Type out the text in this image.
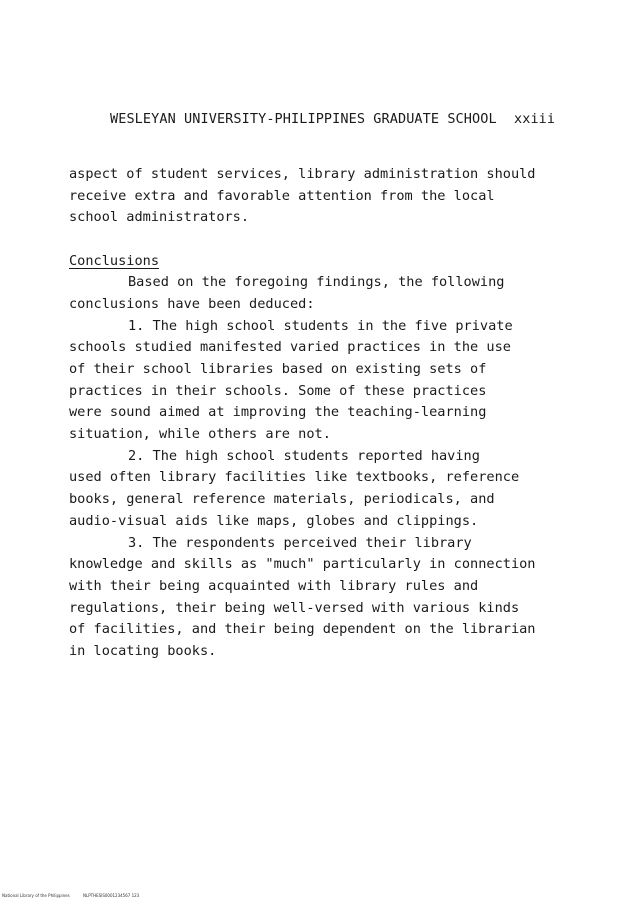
WESLEYAN UNIVERSITY-PHILIPPINES GRADUATE SCHOOL xxiii
aspect of student services, library administration should
receive extra and favorable attention from the local
school administrators.
Conclusions
Based on the foregoing findings, the following
conclusions have been deduced:
1. The high school students in the five private
schools studied manifested varied practices in the use
of their school libraries based on existing sets of
practices in their schools. Some of these practices
were sound aimed at improving the teaching-learning
situation, while others are not.
2. The high school students reported having
used often library facilities like textbooks, reference
books, general reference materials, periodicals, and
audio-visual aids like maps, globes and clippings.
3. The respondents perceived their library
knowledge and skills as "much" particularly in connection
with their being acquainted with library rules and
regulations, their being well-versed with various kinds
of facilities, and their being dependent on the librarian
in locating books.
National Library of the Philippines	NLPTHESIS0001234567 123
